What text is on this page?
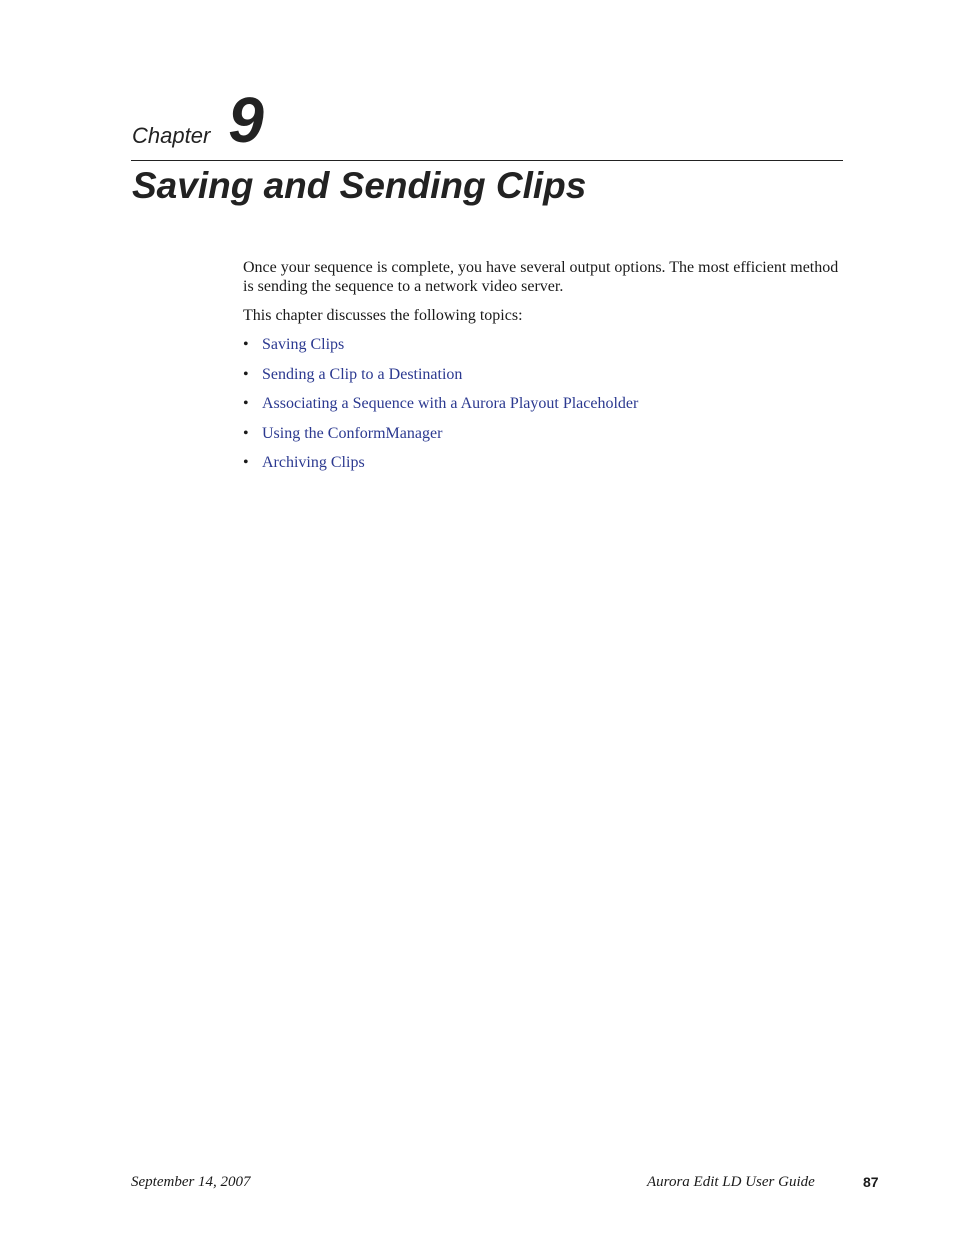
Chapter 9
Saving and Sending Clips

Once your sequence is complete, you have several output options. The most efficient method is sending the sequence to a network video server.

This chapter discusses the following topics:

• Saving Clips
• Sending a Clip to a Destination
• Associating a Sequence with a Aurora Playout Placeholder
• Using the ConformManager
• Archiving Clips
September 14, 2007	Aurora Edit LD User Guide	87
